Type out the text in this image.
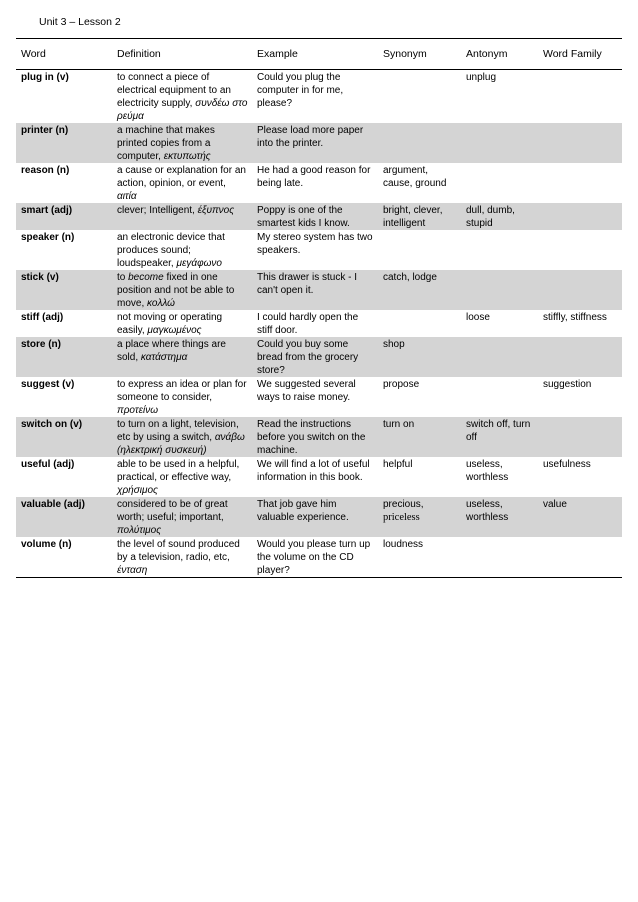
Unit 3 – Lesson 2
Word	Definition	Example	Synonym	Antonym	Word Family
plug in (v)	to connect a piece of electrical equipment to an electricity supply, συνδέω στο ρεύμα	Could you plug the computer in for me, please?		unplug	
printer (n)	a machine that makes printed copies from a computer, εκτυπωτής	Please load more paper into the printer.			
reason (n)	a cause or explanation for an action, opinion, or event, αιτία	He had a good reason for being late.	argument, cause, ground		
smart (adj)	clever; Intelligent, έξυπνος	Poppy is one of the smartest kids I know.	bright, clever, intelligent	dull, dumb, stupid	
speaker (n)	an electronic device that produces sound; loudspeaker, μεγάφωνο	My stereo system has two speakers.			
stick (v)	to become fixed in one position and not be able to move, κολλώ	This drawer is stuck - I can't open it.	catch, lodge		
stiff (adj)	not moving or operating easily, μαγκωμένος	I could hardly open the stiff door.		loose	stiffly, stiffness
store (n)	a place where things are sold, κατάστημα	Could you buy some bread from the grocery store?	shop		
suggest (v)	to express an idea or plan for someone to consider, προτείνω	We suggested several ways to raise money.	propose		suggestion
switch on (v)	to turn on a light, television, etc by using a switch, ανάβω (ηλεκτρική συσκευή)	Read the instructions before you switch on the machine.	turn on	switch off, turn off	
useful (adj)	able to be used in a helpful, practical, or effective way, χρήσιμος	We will find a lot of useful information in this book.	helpful	useless, worthless	usefulness
valuable (adj)	considered to be of great worth; useful; important, πολύτιμος	That job gave him valuable experience.	precious, priceless	useless, worthless	value
volume (n)	the level of sound produced by a television, radio, etc, ένταση	Would you please turn up the volume on the CD player?	loudness		
